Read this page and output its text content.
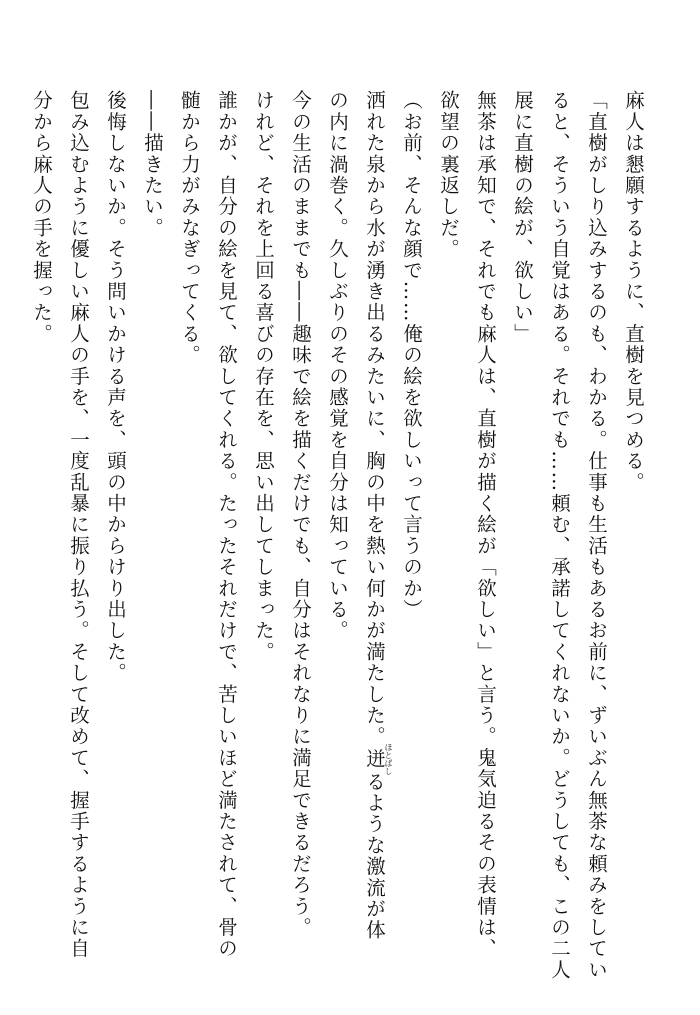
麻人は懇願するように、直樹を見つめる。
「直樹がしり込みするのも、わかる。仕事も生活もあるお前に、ずいぶん無茶な頼みをしてい
ると、そういう自覚はある。それでも……頼む、承諾してくれないか。どうしても、この二人
展に直樹の絵が、欲しい」
無茶は承知で、それでも麻人は、直樹が描く絵が「欲しい」と言う。鬼気迫るその表情は、
欲望の裏返しだ。
（お前、そんな顔で……俺の絵を欲しいって言うのか）
洒れた泉から水が湧き出るみたいに、胸の中を熱い何かが満たした。迸ほとばしるような激流が体
の内に渦巻く。久しぶりのその感覚を自分は知っている。
今の生活のままでも――趣味で絵を描くだけでも、自分はそれなりに満足できるだろう。
けれど、それを上回る喜びの存在を、思い出してしまった。
誰かが、自分の絵を見て、欲してくれる。たったそれだけで、苦しいほど満たされて、骨の
髄から力がみなぎってくる。
――描きたい。
後悔しないか。そう問いかける声を、頭の中からけり出した。
包み込むように優しい麻人の手を、一度乱暴に振り払う。そして改めて、握手するように自
分から麻人の手を握った。
